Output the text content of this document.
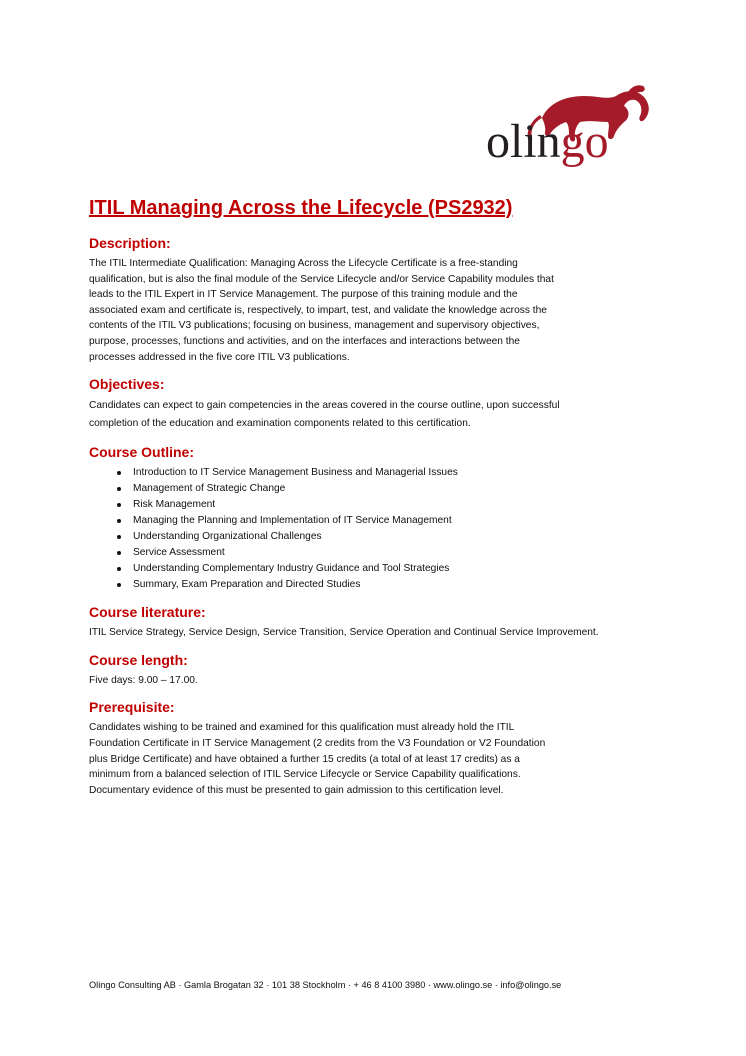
olingo
ITIL Managing Across the Lifecycle (PS2932)
Description:

The ITIL Intermediate Qualification: Managing Across the Lifecycle Certificate is a free-standing
qualification, but is also the final module of the Service Lifecycle and/or Service Capability modules that
leads to the ITIL Expert in IT Service Management. The purpose of this training module and the
associated exam and certificate is, respectively, to impart, test, and validate the knowledge across the
contents of the ITIL V3 publications; focusing on business, management and supervisory objectives,
purpose, processes, functions and activities, and on the interfaces and interactions between the
processes addressed in the five core ITIL V3 publications.

Objectives:

Candidates can expect to gain competencies in the areas covered in the course outline, upon successful
completion of the education and examination components related to this certification.

Course Outline:
Introduction to IT Service Management Business and Managerial Issues
Management of Strategic Change
Risk Management
Managing the Planning and Implementation of IT Service Management
Understanding Organizational Challenges
Service Assessment
Understanding Complementary Industry Guidance and Tool Strategies
Summary, Exam Preparation and Directed Studies
Course literature:

ITIL Service Strategy, Service Design, Service Transition, Service Operation and Continual Service Improvement.

Course length:

Five days: 9.00 – 17.00.

Prerequisite:

Candidates wishing to be trained and examined for this qualification must already hold the ITIL
Foundation Certificate in IT Service Management (2 credits from the V3 Foundation or V2 Foundation
plus Bridge Certificate) and have obtained a further 15 credits (a total of at least 17 credits) as a
minimum from a balanced selection of ITIL Service Lifecycle or Service Capability qualifications.
Documentary evidence of this must be presented to gain admission to this certification level.

Olingo Consulting AB · Gamla Brogatan 32 · 101 38 Stockholm · + 46 8 4100 3980 · www.olingo.se · info@olingo.se
